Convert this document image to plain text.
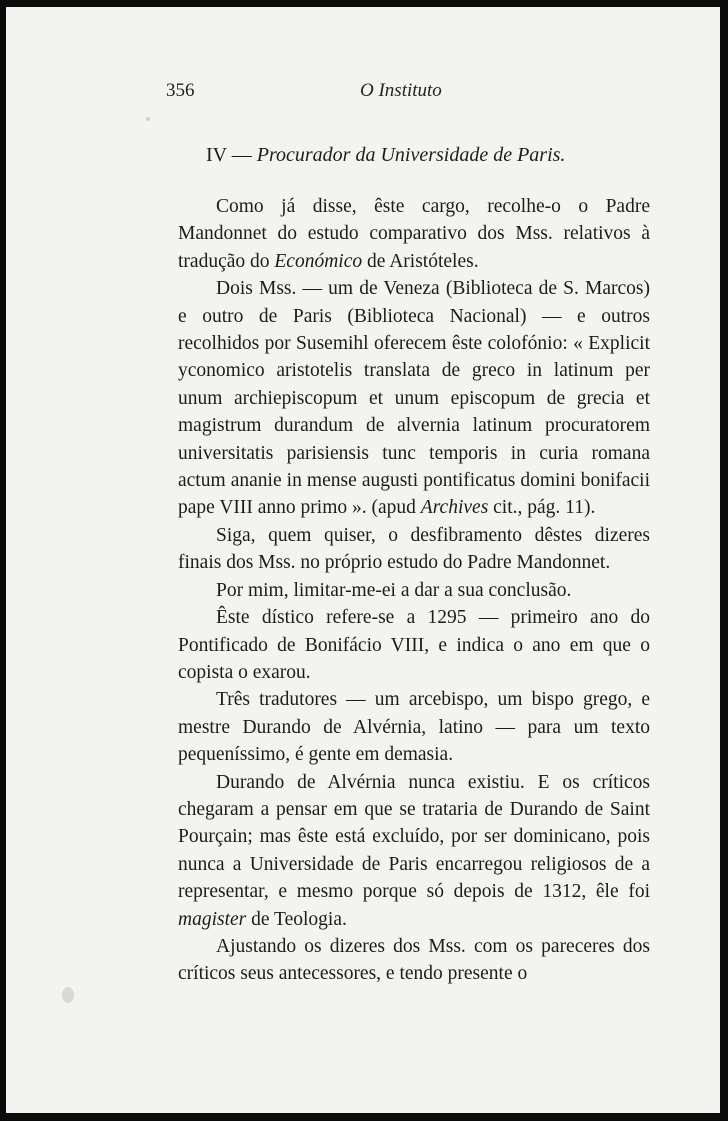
356	O Instituto
IV — Procurador da Universidade de Paris.

Como já disse, êste cargo, recolhe-o o Padre Mandonnet do estudo comparativo dos Mss. relativos à tradução do Económico de Aristóteles.

Dois Mss. — um de Veneza (Biblioteca de S. Marcos) e outro de Paris (Biblioteca Nacional) — e outros recolhidos por Susemihl oferecem êste colofónio: « Explicit yconomico aristotelis translata de greco in latinum per unum archiepiscopum et unum episcopum de grecia et magistrum durandum de alvernia latinum procuratorem universitatis parisiensis tunc temporis in curia romana actum ananie in mense augusti pontificatus domini bonifacii pape VIII anno primo ». (apud Archives cit., pág. 11).

Siga, quem quiser, o desfibramento dêstes dizeres finais dos Mss. no próprio estudo do Padre Mandonnet.

Por mim, limitar-me-ei a dar a sua conclusão.

Êste dístico refere-se a 1295 — primeiro ano do Pontificado de Bonifácio VIII, e indica o ano em que o copista o exarou.

Três tradutores — um arcebispo, um bispo grego, e mestre Durando de Alvérnia, latino — para um texto pequeníssimo, é gente em demasia.

Durando de Alvérnia nunca existiu. E os críticos chegaram a pensar em que se trataria de Durando de Saint Pourçain; mas êste está excluído, por ser dominicano, pois nunca a Universidade de Paris encarregou religiosos de a representar, e mesmo porque só depois de 1312, êle foi magister de Teologia.

Ajustando os dizeres dos Mss. com os pareceres dos críticos seus antecessores, e tendo presente o
